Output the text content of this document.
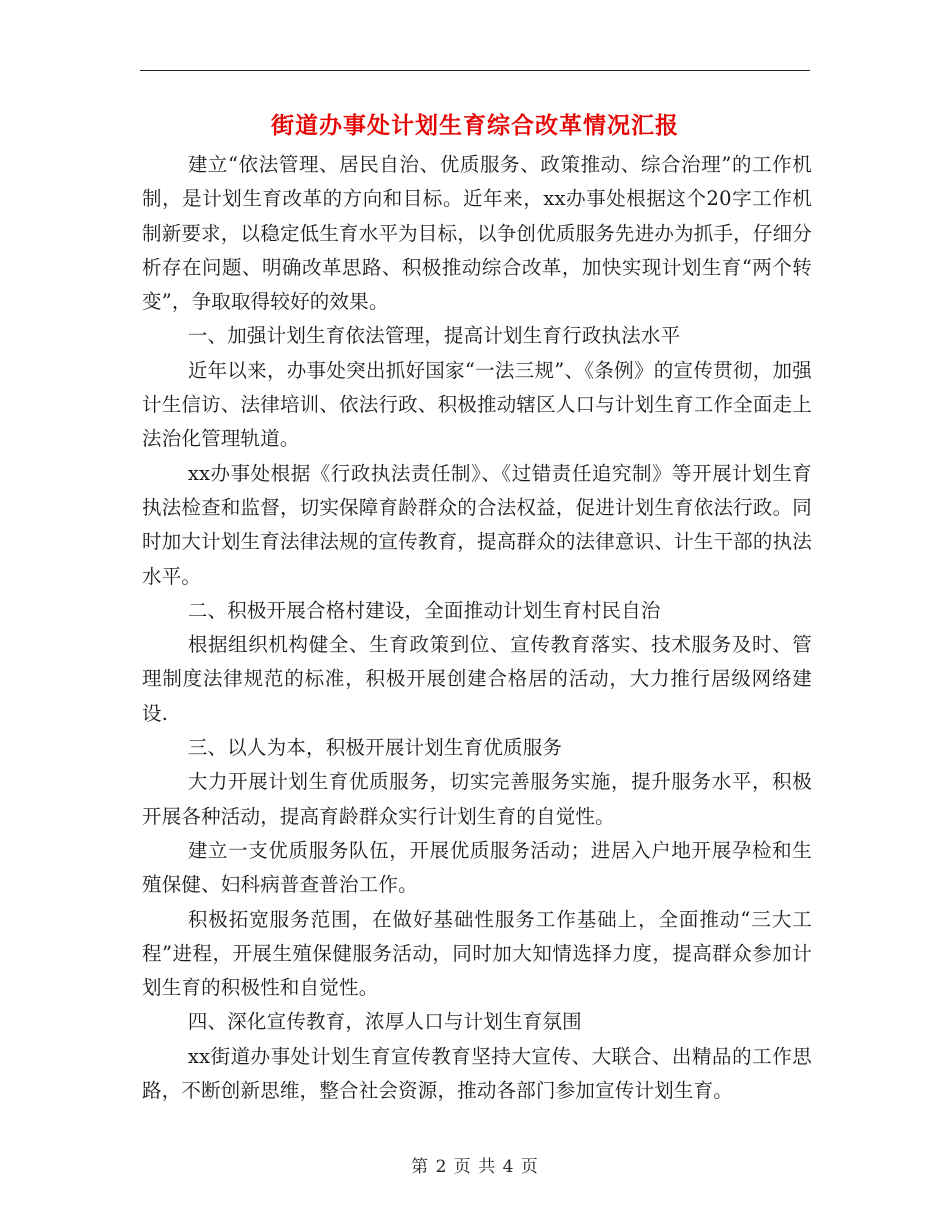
街道办事处计划生育综合改革情况汇报

建立“依法管理、居民自治、优质服务、政策推动、综合治理”的工作机制，是计划生育改革的方向和目标。近年来，xx办事处根据这个20字工作机制新要求，以稳定低生育水平为目标，以争创优质服务先进办为抓手，仔细分析存在问题、明确改革思路、积极推动综合改革，加快实现计划生育“两个转变”，争取取得较好的效果。

一、加强计划生育依法管理，提高计划生育行政执法水平

近年以来，办事处突出抓好国家“一法三规”、《条例》的宣传贯彻，加强计生信访、法律培训、依法行政、积极推动辖区人口与计划生育工作全面走上法治化管理轨道。

xx办事处根据《行政执法责任制》、《过错责任追究制》等开展计划生育执法检查和监督，切实保障育龄群众的合法权益，促进计划生育依法行政。同时加大计划生育法律法规的宣传教育，提高群众的法律意识、计生干部的执法水平。

二、积极开展合格村建设，全面推动计划生育村民自治

根据组织机构健全、生育政策到位、宣传教育落实、技术服务及时、管理制度法律规范的标准，积极开展创建合格居的活动，大力推行居级网络建设.

三、以人为本，积极开展计划生育优质服务

大力开展计划生育优质服务，切实完善服务实施，提升服务水平，积极开展各种活动，提高育龄群众实行计划生育的自觉性。

建立一支优质服务队伍，开展优质服务活动；进居入户地开展孕检和生殖保健、妇科病普查普治工作。

积极拓宽服务范围，在做好基础性服务工作基础上，全面推动“三大工程”进程，开展生殖保健服务活动，同时加大知情选择力度，提高群众参加计划生育的积极性和自觉性。

四、深化宣传教育，浓厚人口与计划生育氛围

xx街道办事处计划生育宣传教育坚持大宣传、大联合、出精品的工作思路，不断创新思维，整合社会资源，推动各部门参加宣传计划生育。

第 2 页 共 4 页
